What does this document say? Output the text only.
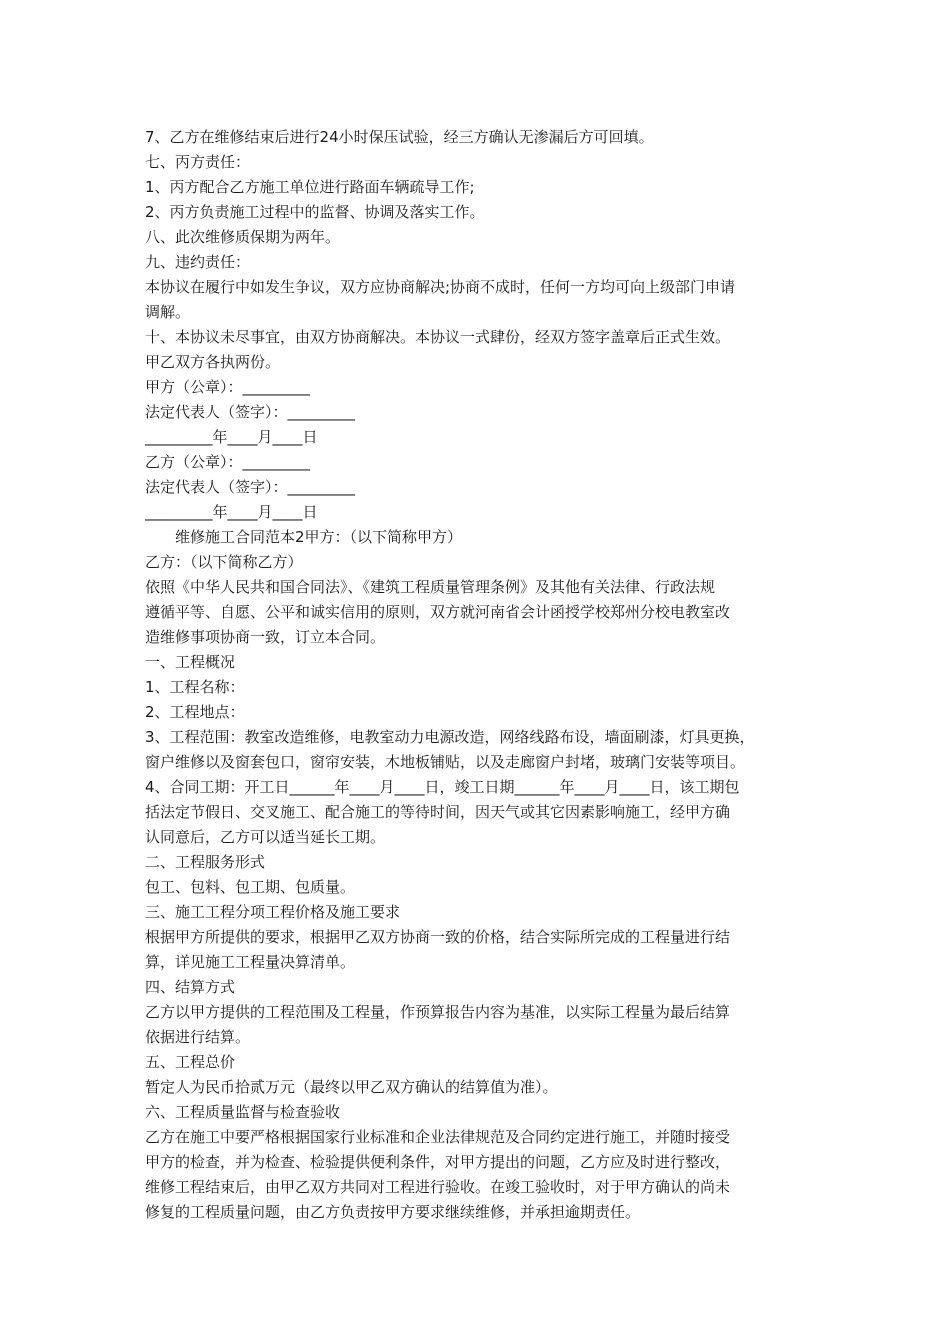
7、乙方在维修结束后进行24小时保压试验，经三方确认无渗漏后方可回填。
七、丙方责任：
1、丙方配合乙方施工单位进行路面车辆疏导工作;
2、丙方负责施工过程中的监督、协调及落实工作。
八、此次维修质保期为两年。
九、违约责任：
本协议在履行中如发生争议，双方应协商解决;协商不成时，任何一方均可向上级部门申请
调解。
十、本协议未尽事宜，由双方协商解决。本协议一式肆份，经双方签字盖章后正式生效。
甲乙双方各执两份。
甲方（公章）：_________
法定代表人（签字）：_________
_________年____月____日
乙方（公章）：_________
法定代表人（签字）：_________
_________年____月____日
维修施工合同范本2甲方：（以下简称甲方）
乙方：（以下简称乙方）
依照《中华人民共和国合同法》、《建筑工程质量管理条例》及其他有关法律、行政法规
遵循平等、自愿、公平和诚实信用的原则，双方就河南省会计函授学校郑州分校电教室改
造维修事项协商一致，订立本合同。
一、工程概况
1、工程名称：
2、工程地点：
3、工程范围：教室改造维修，电教室动力电源改造，网络线路布设，墙面刷漆，灯具更换，
窗户维修以及窗套包口，窗帘安装，木地板铺贴，以及走廊窗户封堵，玻璃门安装等项目。
4、合同工期：开工日______年____月____日，竣工日期______年____月____日，该工期包
括法定节假日、交叉施工、配合施工的等待时间，因天气或其它因素影响施工，经甲方确
认同意后，乙方可以适当延长工期。
二、工程服务形式
包工、包料、包工期、包质量。
三、施工工程分项工程价格及施工要求
根据甲方所提供的要求，根据甲乙双方协商一致的价格，结合实际所完成的工程量进行结
算，详见施工工程量决算清单。
四、结算方式
乙方以甲方提供的工程范围及工程量，作预算报告内容为基准，以实际工程量为最后结算
依据进行结算。
五、工程总价
暂定人为民币拾贰万元（最终以甲乙双方确认的结算值为准）。
六、工程质量监督与检查验收
乙方在施工中要严格根据国家行业标准和企业法律规范及合同约定进行施工，并随时接受
甲方的检查，并为检查、检验提供便利条件，对甲方提出的问题，乙方应及时进行整改，
维修工程结束后，由甲乙双方共同对工程进行验收。在竣工验收时，对于甲方确认的尚未
修复的工程质量问题，由乙方负责按甲方要求继续维修，并承担逾期责任。
